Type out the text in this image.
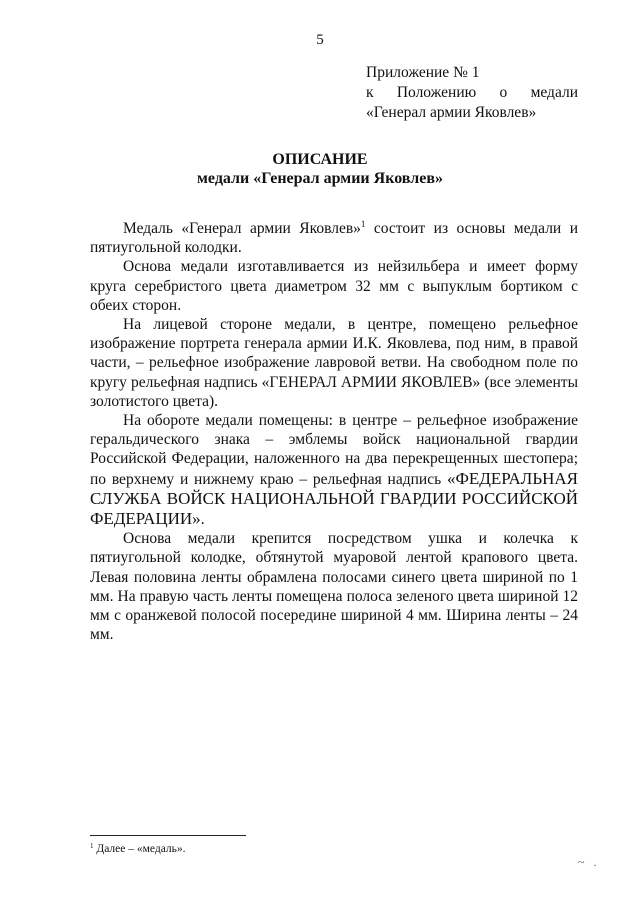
5
Приложение № 1
к Положению о медали
«Генерал армии Яковлев»
ОПИСАНИЕ
медали «Генерал армии Яковлев»

Медаль «Генерал армии Яковлев»$^1$ состоит из основы медали и пятиугольной колодки.

Основа медали изготавливается из нейзильбера и имеет форму круга серебристого цвета диаметром 32 мм с выпуклым бортиком с обеих сторон.

На лицевой стороне медали, в центре, помещено рельефное изображение портрета генерала армии И.К. Яковлева, под ним, в правой части, – рельефное изображение лавровой ветви. На свободном поле по кругу рельефная надпись «ГЕНЕРАЛ АРМИИ ЯКОВЛЕВ» (все элементы золотистого цвета).

На обороте медали помещены: в центре – рельефное изображение геральдического знака – эмблемы войск национальной гвардии Российской Федерации, наложенного на два перекрещенных шестопера; по верхнему и нижнему краю – рельефная надпись «ФЕДЕРАЛЬНАЯ СЛУЖБА ВОЙСК НАЦИОНАЛЬНОЙ ГВАРДИИ РОССИЙСКОЙ ФЕДЕРАЦИИ».

Основа медали крепится посредством ушка и колечка к пятиугольной колодке, обтянутой муаровой лентой крапового цвета. Левая половина ленты обрамлена полосами синего цвета шириной по 1 мм. На правую часть ленты помещена полоса зеленого цвета шириной 12 мм с оранжевой полосой посередине шириной 4 мм. Ширина ленты – 24 мм.

$^1$ Далее – «медаль».
~ .
